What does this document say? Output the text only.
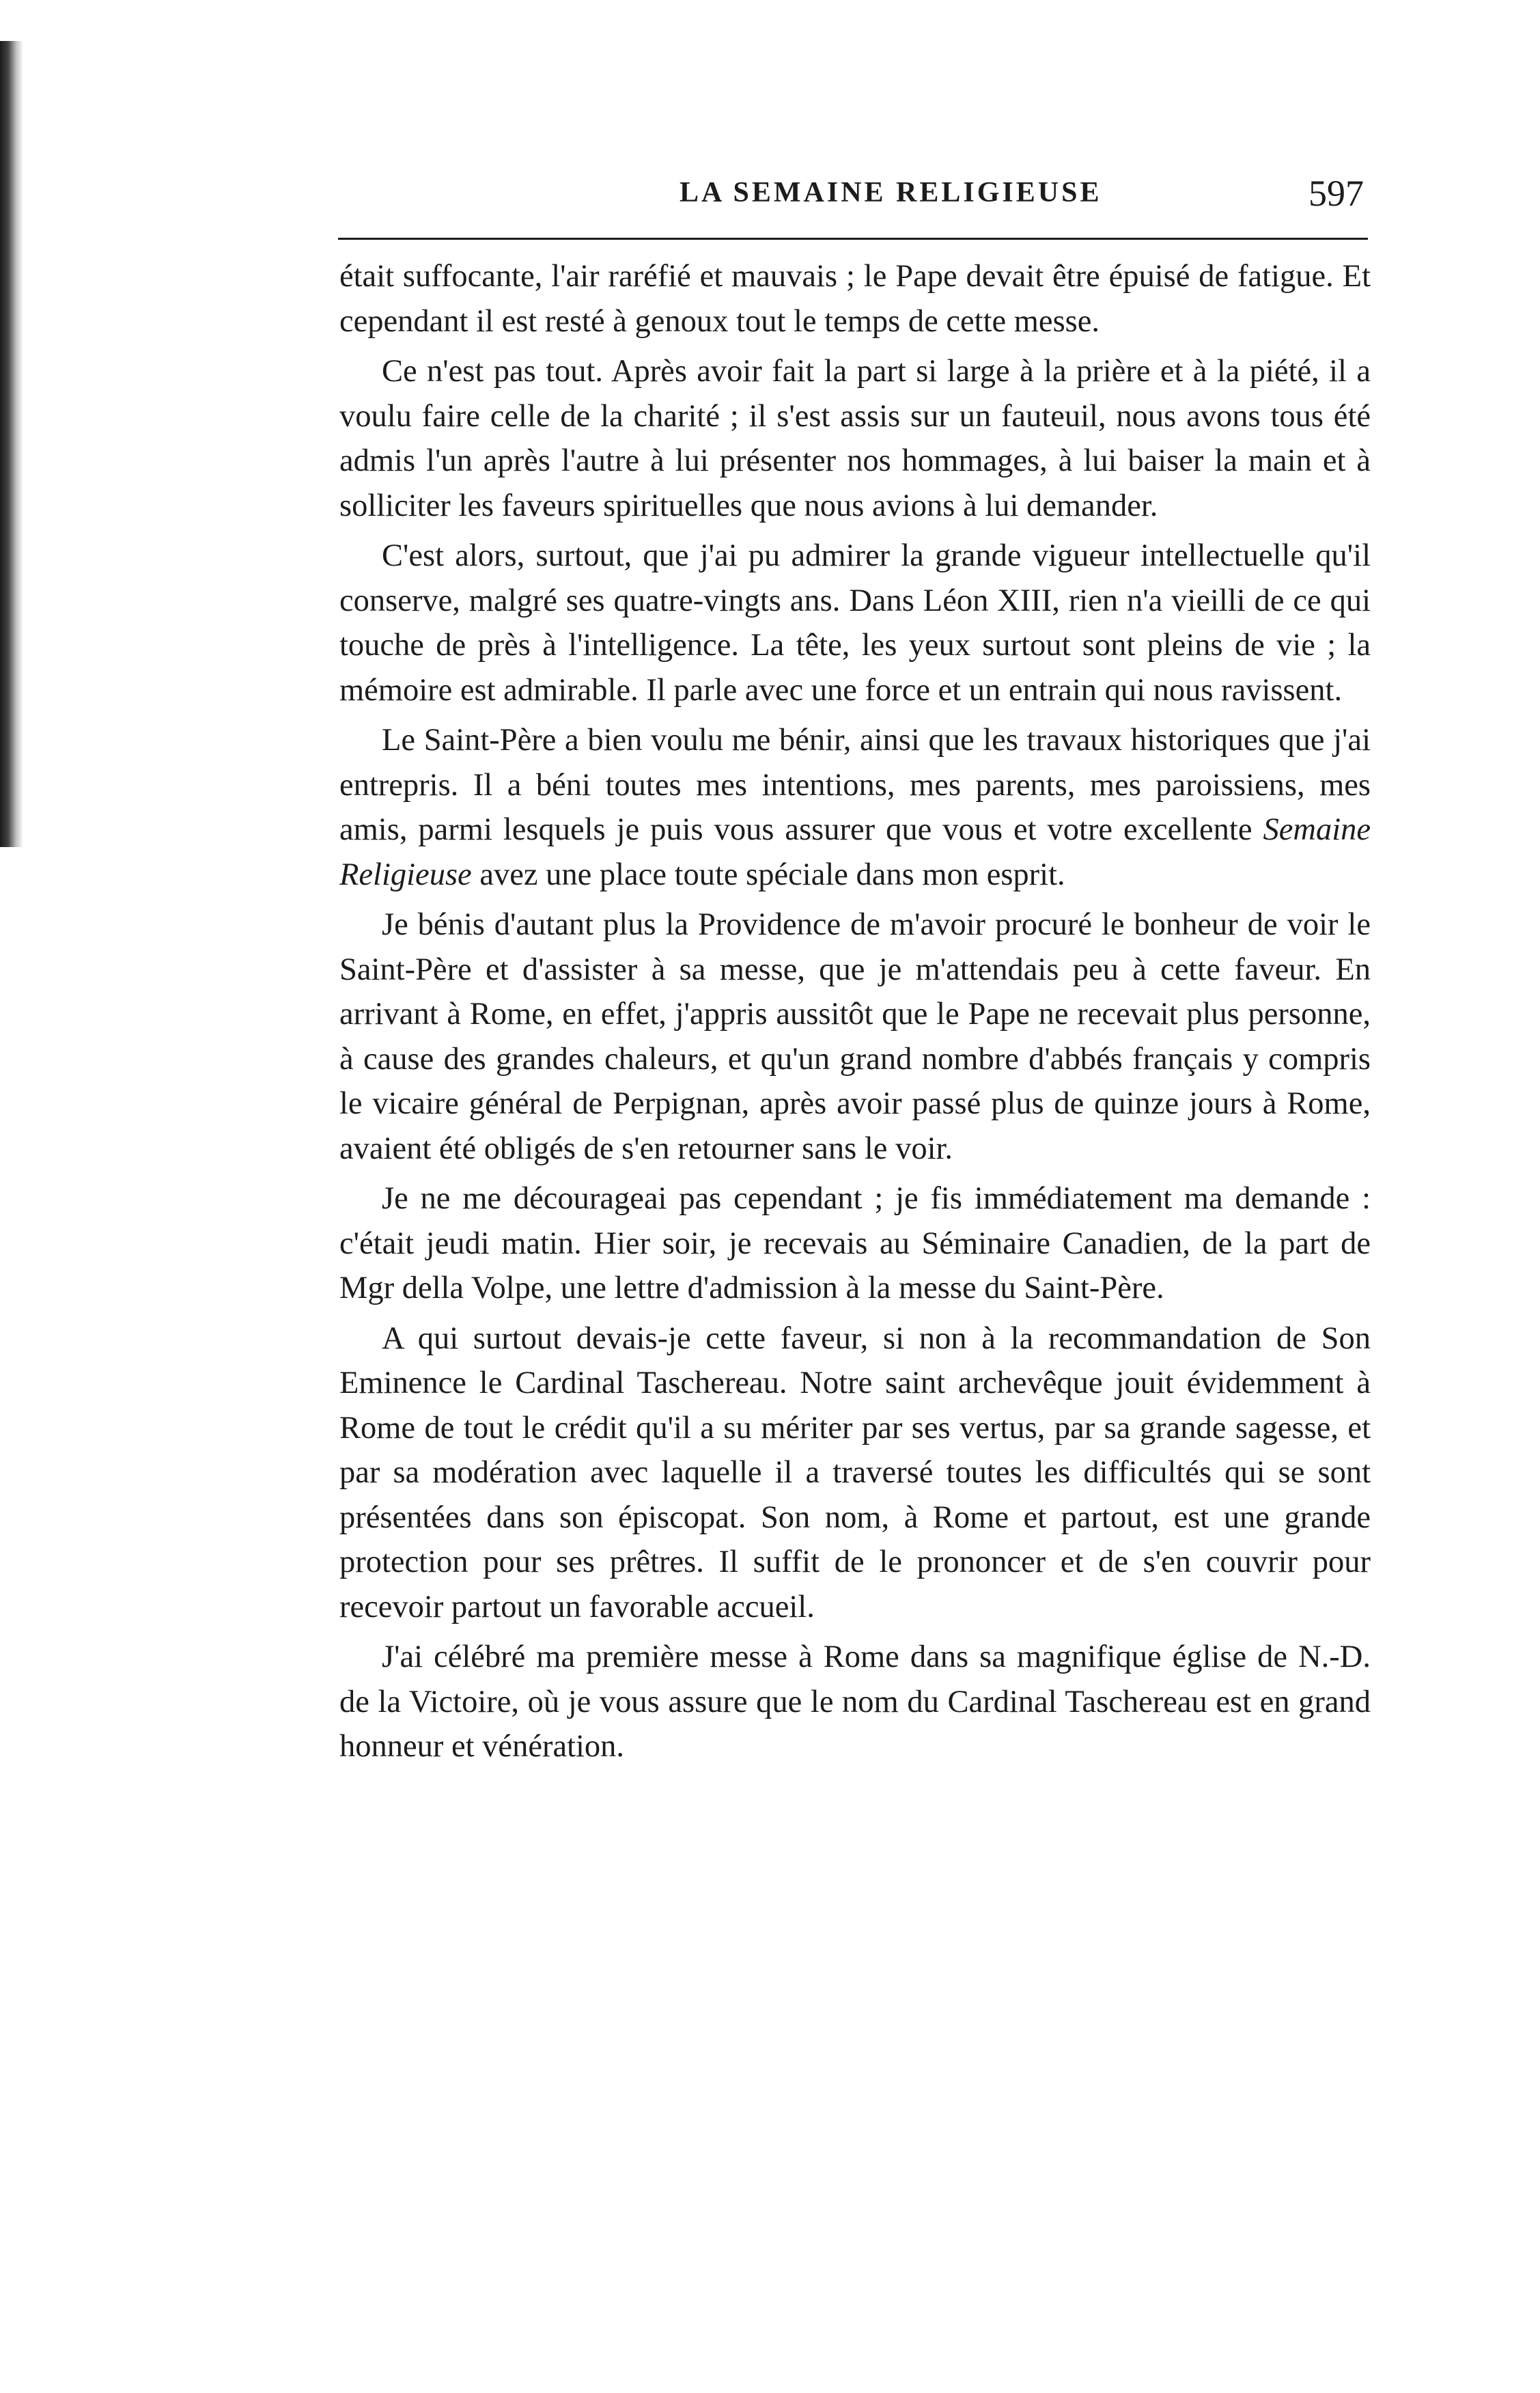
LA SEMAINE RELIGIEUSE	597

était suffocante, l'air raréfié et mauvais ; le Pape devait être épuisé de fatigue. Et cependant il est resté à genoux tout le temps de cette messe.

Ce n'est pas tout. Après avoir fait la part si large à la prière et à la piété, il a voulu faire celle de la charité ; il s'est assis sur un fauteuil, nous avons tous été admis l'un après l'autre à lui présenter nos hommages, à lui baiser la main et à solliciter les faveurs spirituelles que nous avions à lui demander.

C'est alors, surtout, que j'ai pu admirer la grande vigueur intellectuelle qu'il conserve, malgré ses quatre-vingts ans. Dans Léon XIII, rien n'a vieilli de ce qui touche de près à l'intelligence. La tête, les yeux surtout sont pleins de vie ; la mémoire est admirable. Il parle avec une force et un entrain qui nous ravissent.

Le Saint-Père a bien voulu me bénir, ainsi que les travaux historiques que j'ai entrepris. Il a béni toutes mes intentions, mes parents, mes paroissiens, mes amis, parmi lesquels je puis vous assurer que vous et votre excellente Semaine Religieuse avez une place toute spéciale dans mon esprit.

Je bénis d'autant plus la Providence de m'avoir procuré le bonheur de voir le Saint-Père et d'assister à sa messe, que je m'attendais peu à cette faveur. En arrivant à Rome, en effet, j'appris aussitôt que le Pape ne recevait plus personne, à cause des grandes chaleurs, et qu'un grand nombre d'abbés français y compris le vicaire général de Perpignan, après avoir passé plus de quinze jours à Rome, avaient été obligés de s'en retourner sans le voir.

Je ne me décourageai pas cependant ; je fis immédiatement ma demande : c'était jeudi matin. Hier soir, je recevais au Séminaire Canadien, de la part de Mgr della Volpe, une lettre d'admission à la messe du Saint-Père.

A qui surtout devais-je cette faveur, si non à la recommandation de Son Eminence le Cardinal Taschereau. Notre saint archevêque jouit évidemment à Rome de tout le crédit qu'il a su mériter par ses vertus, par sa grande sagesse, et par sa modération avec laquelle il a traversé toutes les difficultés qui se sont présentées dans son épiscopat. Son nom, à Rome et partout, est une grande protection pour ses prêtres. Il suffit de le prononcer et de s'en couvrir pour recevoir partout un favorable accueil.

J'ai célébré ma première messe à Rome dans sa magnifique église de N.-D. de la Victoire, où je vous assure que le nom du Cardinal Taschereau est en grand honneur et vénération.
